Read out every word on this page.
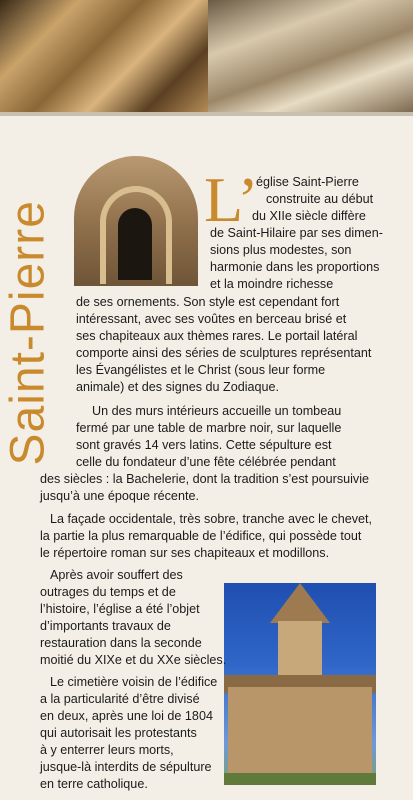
Saint-Pierre
L’

église Saint-Pierre
construite au début
du XIIe siècle diffère
de Saint-Hilaire par ses dimen-
sions plus modestes, son
harmonie dans les proportions
et la moindre richesse
de ses ornements. Son style est cependant fort
intéressant, avec ses voûtes en berceau brisé et
ses chapiteaux aux thèmes rares. Le portail latéral
comporte ainsi des séries de sculptures représentant
les Évangélistes et le Christ (sous leur forme
animale) et des signes du Zodiaque.

Un des murs intérieurs accueille un tombeau
fermé par une table de marbre noir, sur laquelle
sont gravés 14 vers latins. Cette sépulture est
celle du fondateur d’une fête célébrée pendant
des siècles : la Bachelerie, dont la tradition s’est poursuivie
jusqu’à une époque récente.

La façade occidentale, très sobre, tranche avec le chevet,
la partie la plus remarquable de l’édifice, qui possède tout
le répertoire roman sur ses chapiteaux et modillons.

Après avoir souffert des
outrages du temps et de
l’histoire, l’église a été l’objet
d’importants travaux de
restauration dans la seconde
moitié du XIXe et du XXe siècles.

Le cimetière voisin de l’édifice
a la particularité d’être divisé
en deux, après une loi de 1804
qui autorisait les protestants
à y enterrer leurs morts,
jusque-là interdits de sépulture
en terre catholique.
